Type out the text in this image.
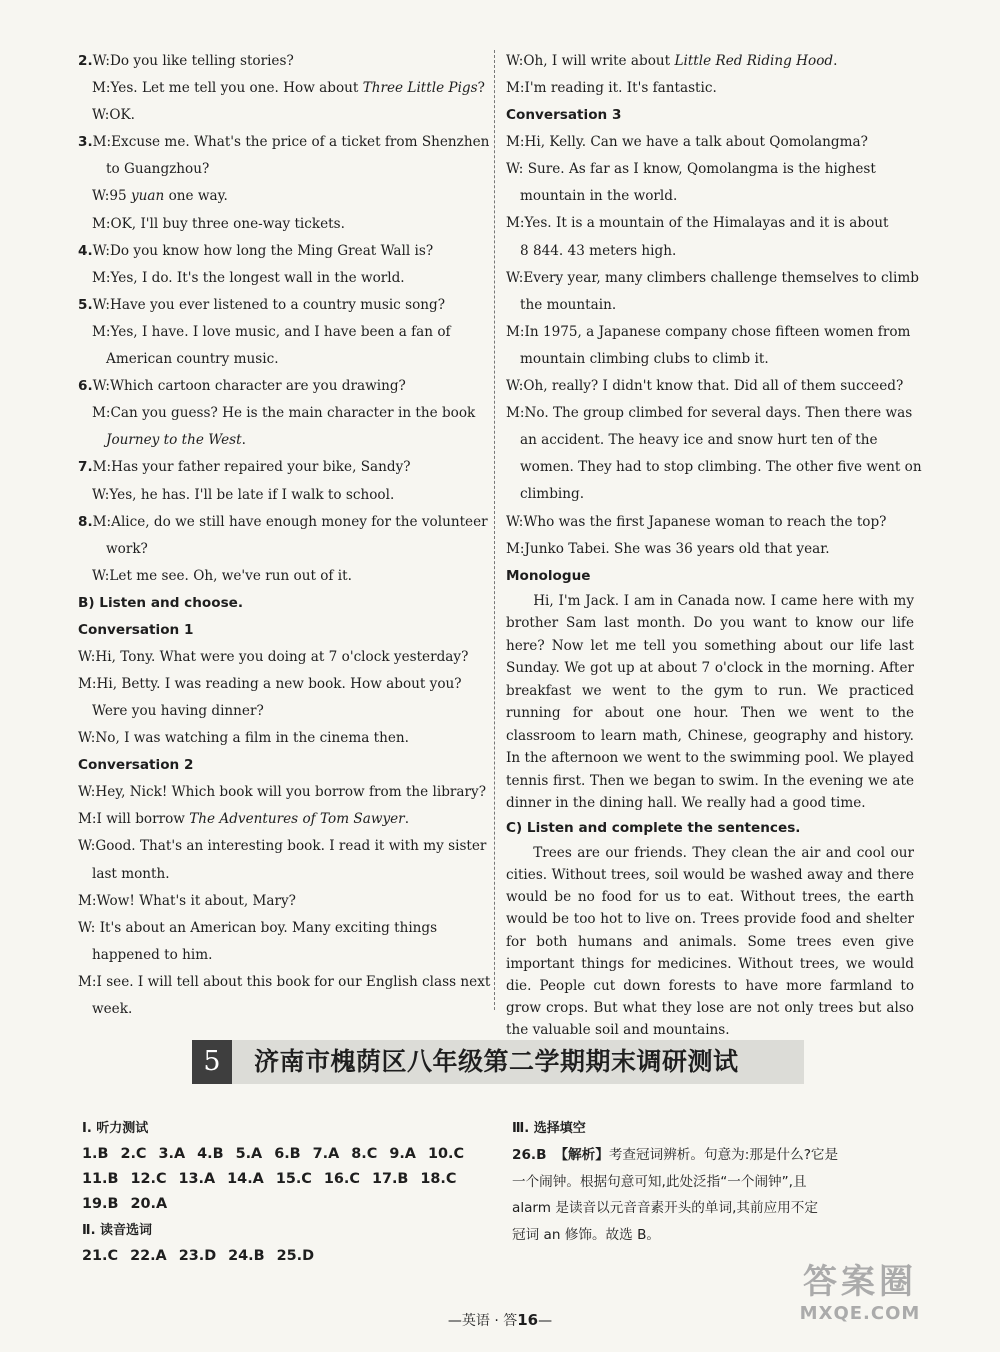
2.W:Do you like telling stories?
M:Yes. Let me tell you one. How about Three Little Pigs?
W:OK.
3.M:Excuse me. What's the price of a ticket from Shenzhen
to Guangzhou?
W:95 yuan one way.
M:OK, I'll buy three one-way tickets.
4.W:Do you know how long the Ming Great Wall is?
M:Yes, I do. It's the longest wall in the world.
5.W:Have you ever listened to a country music song?
M:Yes, I have. I love music, and I have been a fan of
American country music.
6.W:Which cartoon character are you drawing?
M:Can you guess? He is the main character in the book
Journey to the West.
7.M:Has your father repaired your bike, Sandy?
W:Yes, he has. I'll be late if I walk to school.
8.M:Alice, do we still have enough money for the volunteer
work?
W:Let me see. Oh, we've run out of it.
B) Listen and choose.
Conversation 1
W:Hi, Tony. What were you doing at 7 o'clock yesterday?
M:Hi, Betty. I was reading a new book. How about you?
Were you having dinner?
W:No, I was watching a film in the cinema then.
Conversation 2
W:Hey, Nick! Which book will you borrow from the library?
M:I will borrow The Adventures of Tom Sawyer.
W:Good. That's an interesting book. I read it with my sister
last month.
M:Wow! What's it about, Mary?
W: It's about an American boy. Many exciting things
happened to him.
M:I see. I will tell about this book for our English class next
week.
W:Oh, I will write about Little Red Riding Hood.
M:I'm reading it. It's fantastic.
Conversation 3
M:Hi, Kelly. Can we have a talk about Qomolangma?
W: Sure. As far as I know, Qomolangma is the highest
mountain in the world.
M:Yes. It is a mountain of the Himalayas and it is about
8 844. 43 meters high.
W:Every year, many climbers challenge themselves to climb
the mountain.
M:In 1975, a Japanese company chose fifteen women from
mountain climbing clubs to climb it.
W:Oh, really? I didn't know that. Did all of them succeed?
M:No. The group climbed for several days. Then there was
an accident. The heavy ice and snow hurt ten of the
women. They had to stop climbing. The other five went on
climbing.
W:Who was the first Japanese woman to reach the top?
M:Junko Tabei. She was 36 years old that year.
Monologue

Hi, I'm Jack. I am in Canada now. I came here with my brother Sam last month. Do you want to know our life here? Now let me tell you something about our life last Sunday. We got up at about 7 o'clock in the morning. After breakfast we went to the gym to run. We practiced running for about one hour. Then we went to the classroom to learn math, Chinese, geography and history. In the afternoon we went to the swimming pool. We played tennis first. Then we began to swim. In the evening we ate dinner in the dining hall. We really had a good time.

C) Listen and complete the sentences.

Trees are our friends. They clean the air and cool our cities. Without trees, soil would be washed away and there would be no food for us to eat. Without trees, the earth would be too hot to live on. Trees provide food and shelter for both humans and animals. Some trees even give important things for medicines. Without trees, we would die. People cut down forests to have more farmland to grow crops. But what they lose are not only trees but also the valuable soil and mountains.

5	济南市槐荫区八年级第二学期期末调研测试
Ⅰ. 听力测试
1.B 2.C 3.A 4.B 5.A 6.B 7.A 8.C 9.A 10.C
11.B 12.C 13.A 14.A 15.C 16.C 17.B 18.C
19.B 20.A
Ⅱ. 读音选词
21.C 22.A 23.D 24.B 25.D
Ⅲ. 选择填空

26.B 【解析】考查冠词辨析。句意为:那是什么?它是

一个闹钟。根据句意可知,此处泛指“一个闹钟”,且

alarm 是读音以元音音素开头的单词,其前应用不定

冠词 an 修饰。故选 B。

答案圈
MXQE.COM
—英语 · 答16—
